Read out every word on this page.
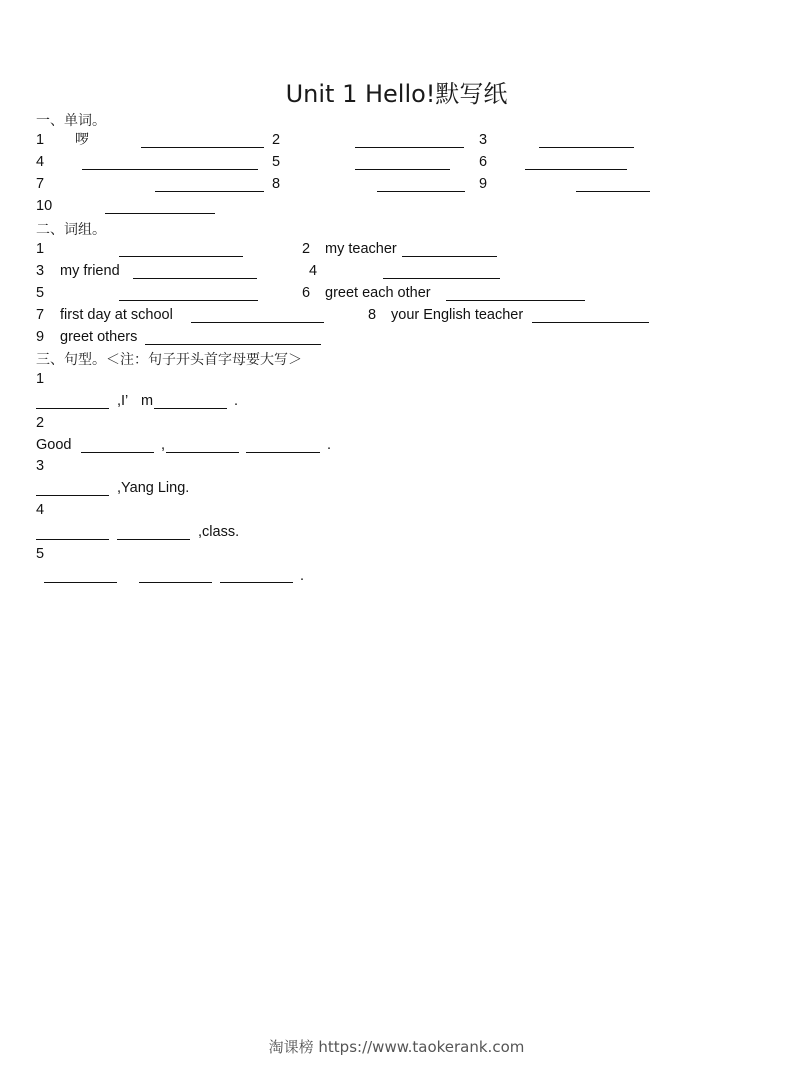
Unit 1 Hello!默写纸
一、单词。
1 啰	2	3
4	5	6
7	8	9
10
二、词组。
1	2 my teacher
3 my friend	4
5	6 greet each other
7 first day at school	8 your English teacher
9 greet others
三、句型。＜注：句子开头首字母要大写＞
1
,I’ m	.
2
Good	,	.
3
,Yang Ling.
4
,class.
5
.
淘课榜 https://www.taokerank.com
